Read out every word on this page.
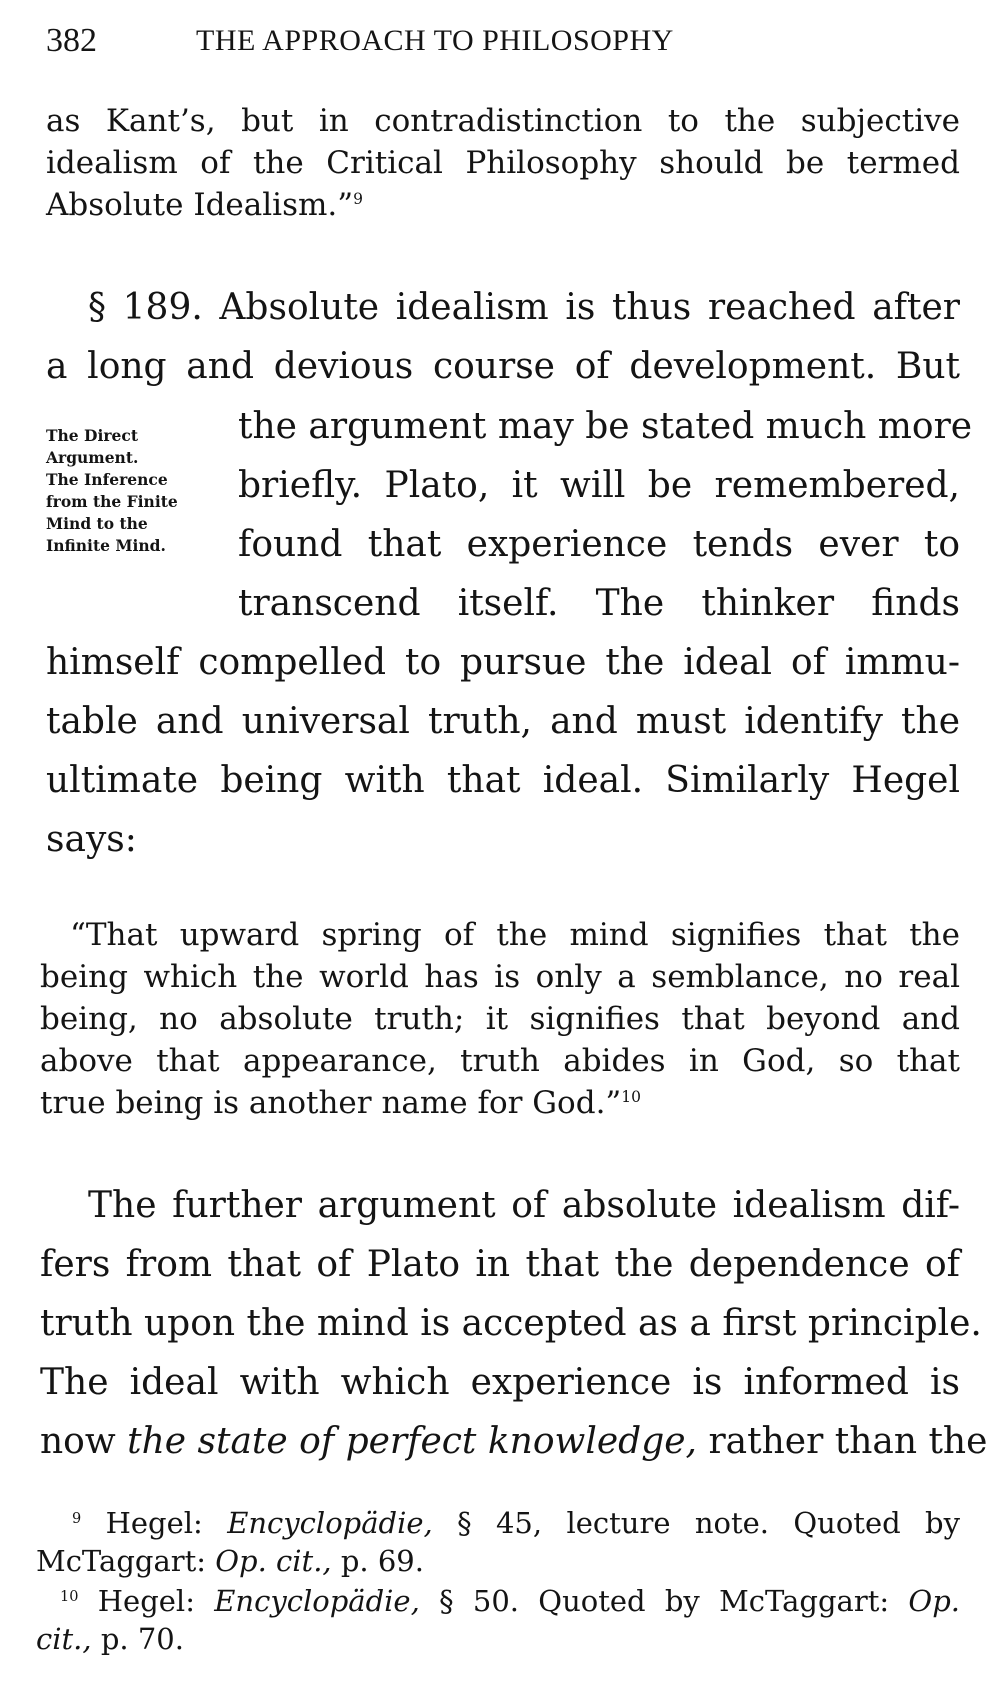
382	THE APPROACH TO PHILOSOPHY
as Kant’s, but in contradistinction to the subjective
idealism of the Critical Philosophy should be termed
Absolute Idealism.”$^9$
§ 189. Absolute idealism is thus reached after
a long and devious course of development. But
the argument may be stated much more
briefly. Plato, it will be remembered,
found that experience tends ever to
transcend itself. The thinker finds
himself compelled to pursue the ideal of immu-
table and universal truth, and must identify the
ultimate being with that ideal. Similarly Hegel
says:
The Direct
Argument.
The Inference
from the Finite
Mind to the
Infinite Mind.
“That upward spring of the mind signifies that the
being which the world has is only a semblance, no real
being, no absolute truth; it signifies that beyond and
above that appearance, truth abides in God, so that
true being is another name for God.”$^{10}$
The further argument of absolute idealism dif-
fers from that of Plato in that the dependence of
truth upon the mind is accepted as a first principle.
The ideal with which experience is informed is
now the state of perfect knowledge, rather than the
$^9$ Hegel: Encyclopädie, § 45, lecture note. Quoted by
McTaggart: Op. cit., p. 69.
$^{10}$ Hegel: Encyclopädie, § 50. Quoted by McTaggart: Op.
cit., p. 70.
